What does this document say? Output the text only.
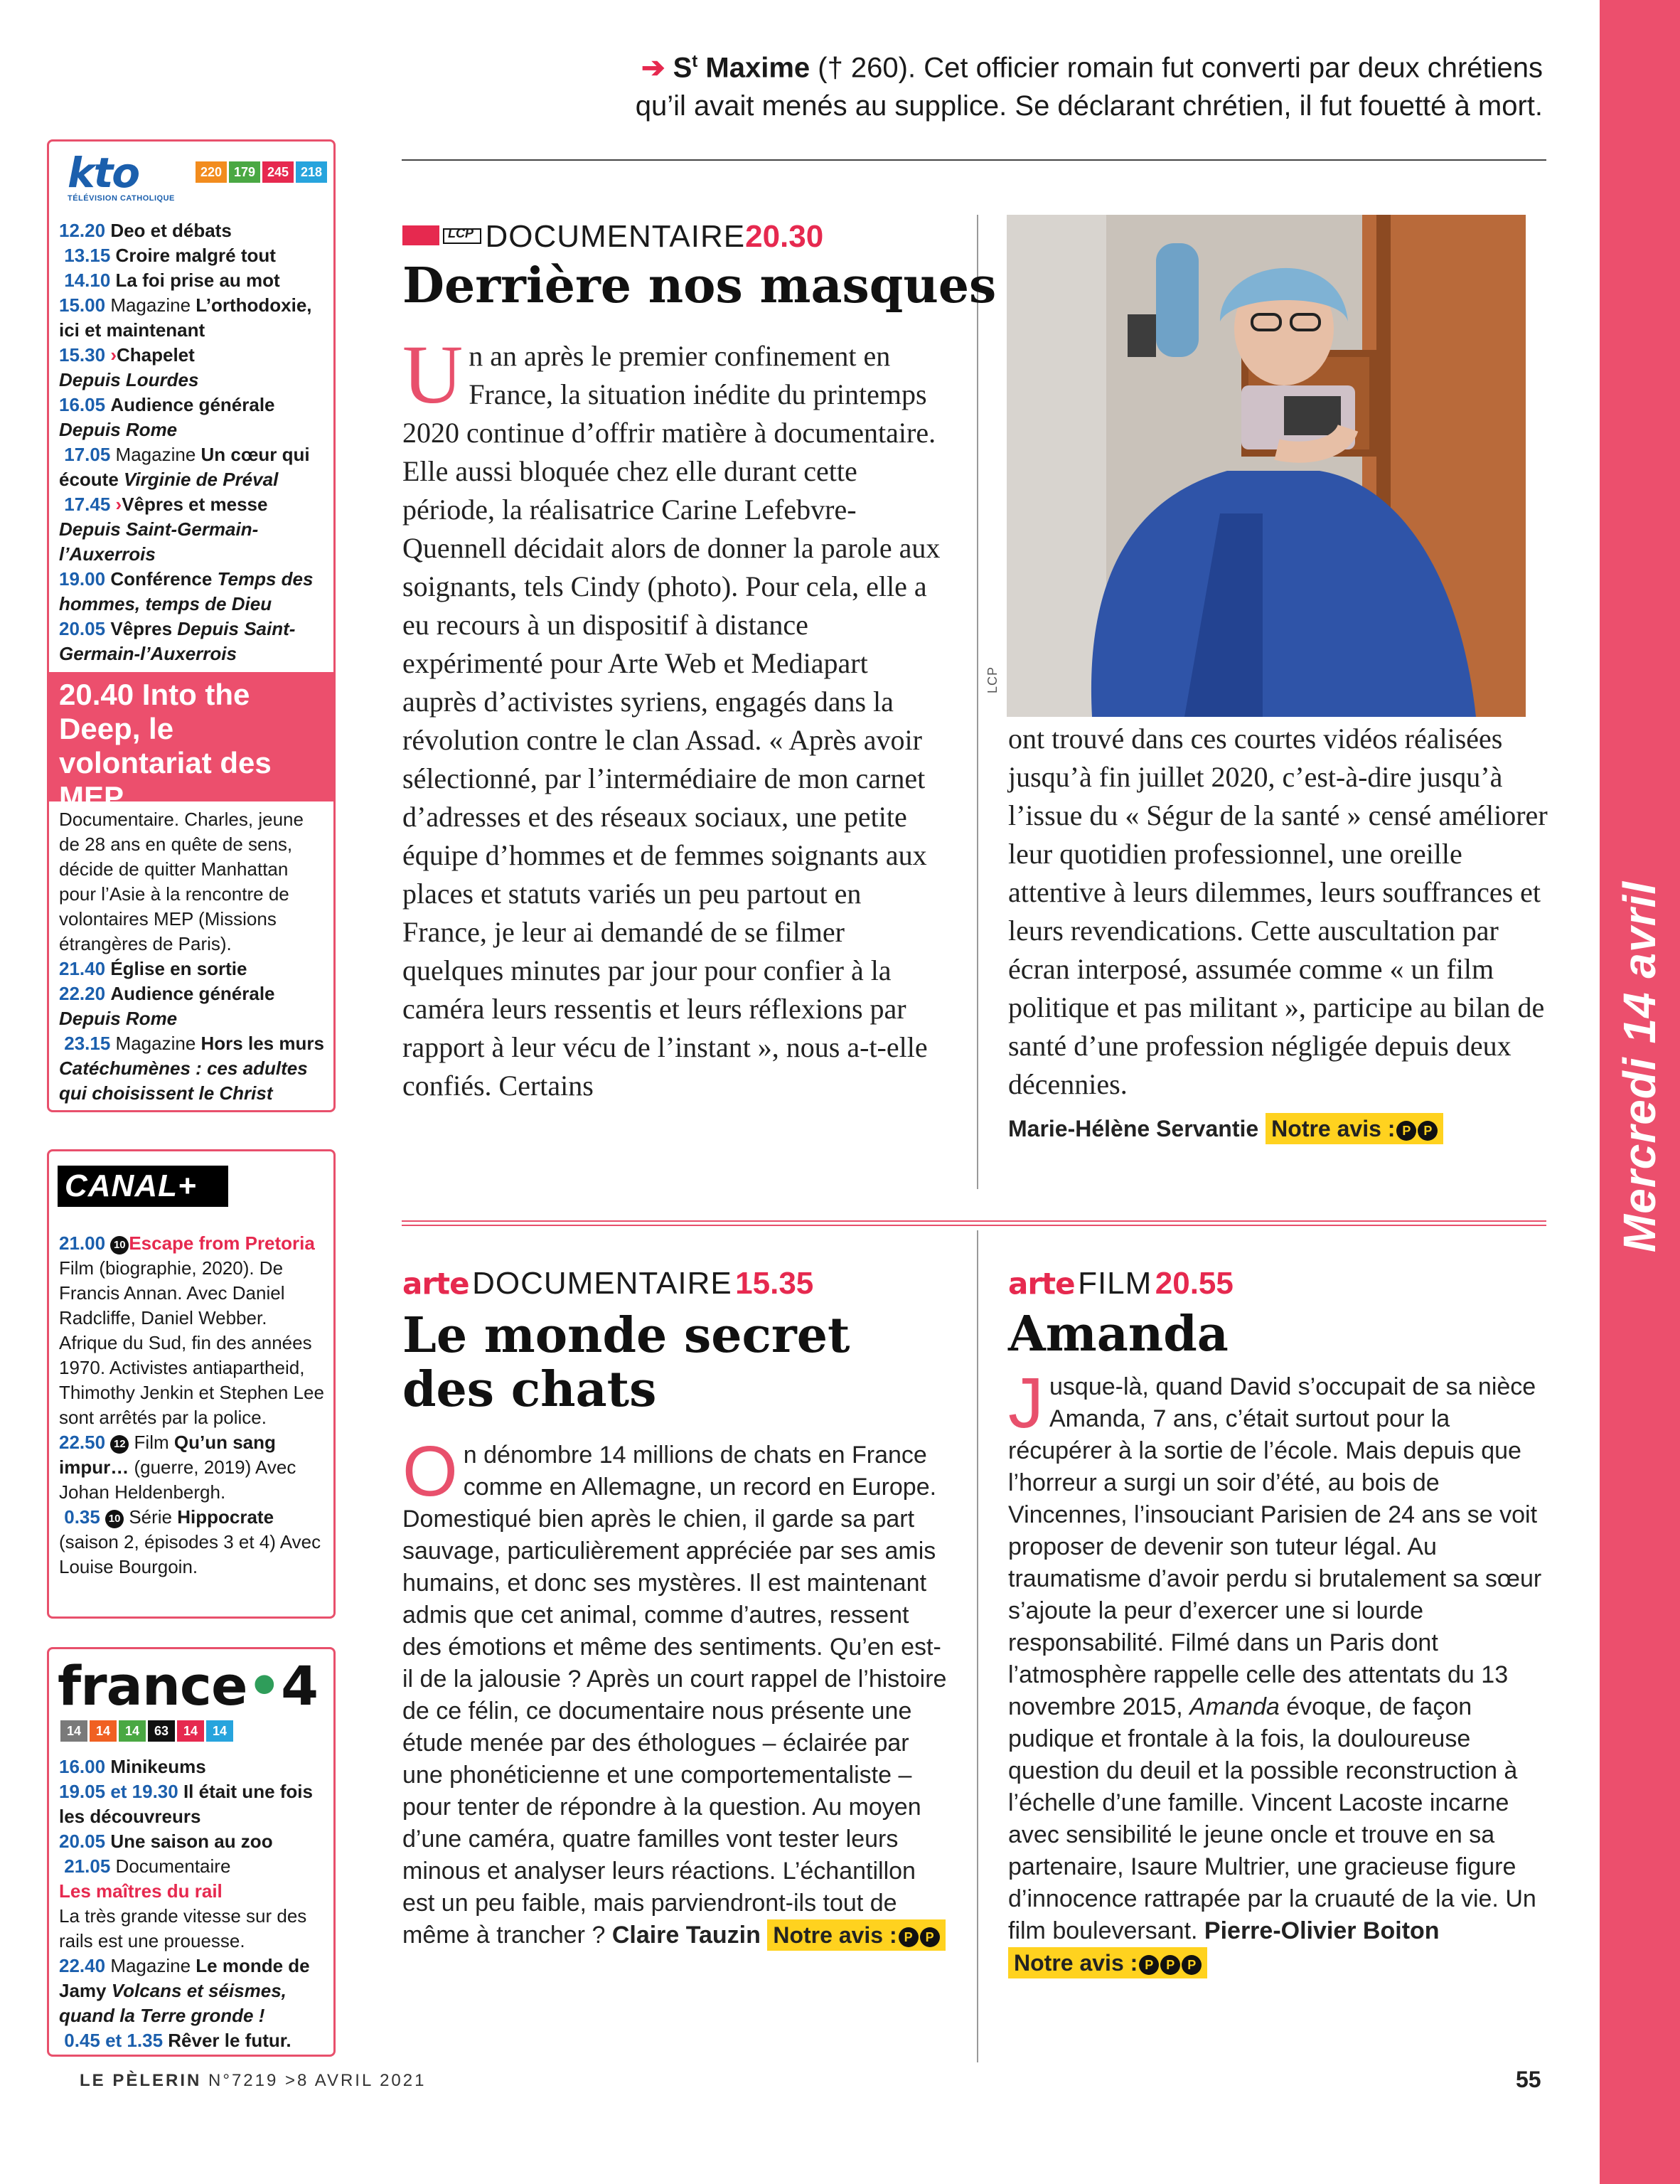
Mercredi 14 avril
➔ $S^t$ Maxime († 260). Cet officier romain fut converti par deux chrétiens
qu’il avait menés au supplice. Se déclarant chrétien, il fut fouetté à mort.
kto
TÉLÉVISION CATHOLIQUE
220 179 245 218
12.20 Deo et débats
13.15 Croire malgré tout
14.10 La foi prise au mot
15.00 Magazine L’orthodoxie, ici et maintenant
15.30 ›Chapelet
Depuis Lourdes
16.05 Audience générale
Depuis Rome
17.05 Magazine Un cœur qui écoute Virginie de Préval
17.45 ›Vêpres et messe
Depuis Saint-Germain-l’Auxerrois
19.00 Conférence Temps des hommes, temps de Dieu
20.05 Vêpres Depuis Saint-Germain-l’Auxerrois
20.40 Into the Deep, le volontariat des MEP
Documentaire. Charles, jeune de 28 ans en quête de sens, décide de quitter Manhattan pour l’Asie à la rencontre de volontaires MEP (Missions étrangères de Paris).
21.40 Église en sortie
22.20 Audience générale
Depuis Rome
23.15 Magazine Hors les murs
Catéchumènes : ces adultes qui choisissent le Christ
CANAL+
21.00 10 Escape from Pretoria Film (biographie, 2020). De Francis Annan. Avec Daniel Radcliffe, Daniel Webber. Afrique du Sud, fin des années 1970. Activistes antiapartheid, Thimothy Jenkin et Stephen Lee sont arrêtés par la police.
22.50 12 Film Qu’un sang impur… (guerre, 2019) Avec Johan Heldenbergh.
0.35 10 Série Hippocrate (saison 2, épisodes 3 et 4) Avec Louise Bourgoin.
france•4
14	14	14	63	14	14
16.00 Minikeums
19.05 et 19.30 Il était une fois les découvreurs
20.05 Une saison au zoo
21.05 Documentaire
Les maîtres du rail
La très grande vitesse sur des rails est une prouesse.
22.40 Magazine Le monde de Jamy Volcans et séismes, quand la Terre gronde !
0.45 et 1.35 Rêver le futur.

LCP DOCUMENTAIRE20.30
Derrière nos masques
U n an après le premier confinement en France, la situation inédite du printemps 2020 continue d’offrir matière à documentaire. Elle aussi bloquée chez elle durant cette période, la réalisatrice Carine Lefebvre-Quennell décidait alors de donner la parole aux soignants, tels Cindy (photo). Pour cela, elle a eu recours à un dispositif à distance expérimenté pour Arte Web et Mediapart auprès d’activistes syriens, engagés dans la révolution contre le clan Assad. « Après avoir sélectionné, par l’intermédiaire de mon carnet d’adresses et des réseaux sociaux, une petite équipe d’hommes et de femmes soignants aux places et statuts variés un peu partout en France, je leur ai demandé de se filmer quelques minutes par jour pour confier à la caméra leurs ressentis et leurs réflexions par rapport à leur vécu de l’instant », nous a-t-elle confiés. Certains
LCP
ont trouvé dans ces courtes vidéos réalisées jusqu’à fin juillet 2020, c’est-à-dire jusqu’à l’issue du « Ségur de la santé » censé améliorer leur quotidien professionnel, une oreille attentive à leurs dilemmes, leurs souffrances et leurs revendications. Cette auscultation par écran interposé, assumée comme « un film politique et pas militant », participe au bilan de santé d’une profession négligée depuis deux décennies.
Marie-Hélène Servantie Notre avis : P P
arte DOCUMENTAIRE 15.35
Le monde secret des chats
O n dénombre 14 millions de chats en France comme en Allemagne, un record en Europe. Domestiqué bien après le chien, il garde sa part sauvage, particulièrement appréciée par ses amis humains, et donc ses mystères. Il est maintenant admis que cet animal, comme d’autres, ressent des émotions et même des sentiments. Qu’en est-il de la jalousie ? Après un court rappel de l’histoire de ce félin, ce documentaire nous présente une étude menée par des éthologues – éclairée par une phonéticienne et une comportementaliste – pour tenter de répondre à la question. Au moyen d’une caméra, quatre familles vont tester leurs minous et analyser leurs réactions. L’échantillon est un peu faible, mais parviendront-ils tout de même à trancher ? Claire Tauzin Notre avis : P P
arte FILM 20.55
Amanda
J usque-là, quand David s’occupait de sa nièce Amanda, 7 ans, c’était surtout pour la récupérer à la sortie de l’école. Mais depuis que l’horreur a surgi un soir d’été, au bois de Vincennes, l’insouciant Parisien de 24 ans se voit proposer de devenir son tuteur légal. Au traumatisme d’avoir perdu si brutalement sa sœur s’ajoute la peur d’exercer une si lourde responsabilité. Filmé dans un Paris dont l’atmosphère rappelle celle des attentats du 13 novembre 2015, Amanda évoque, de façon pudique et frontale à la fois, la douloureuse question du deuil et la possible reconstruction à l’échelle d’une famille. Vincent Lacoste incarne avec sensibilité le jeune oncle et trouve en sa partenaire, Isaure Multrier, une gracieuse figure d’innocence rattrapée par la cruauté de la vie. Un film bouleversant. Pierre-Olivier Boiton Notre avis : P P P
LE PÈLERIN N°7219 >8 AVRIL 2021	55
